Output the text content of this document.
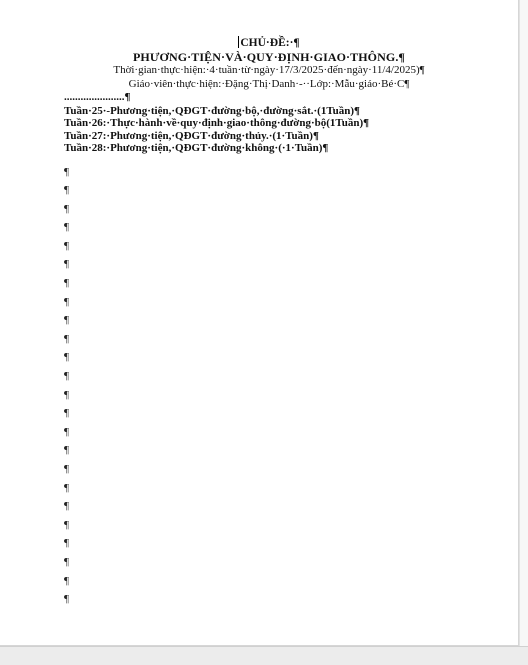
CHỦ·ĐỀ:·¶
PHƯƠNG·TIỆN·VÀ·QUY·ĐỊNH·GIAO·THÔNG.¶
Thời·gian·thực·hiện:·4·tuần·từ·ngày·17/3/2025·đến·ngày·11/4/2025)¶
Giáo·viên·thực·hiện:·Đặng·Thị·Danh·-··Lớp:·Mẫu·giáo·Bé·C¶
......................¶
Tuần·25·-Phương·tiện,·QĐGT·đường·bộ,·đường·sắt.·(1Tuần)¶
Tuần·26:·Thực·hành·về·quy·định·giao·thông·đường·bộ(1Tuần)¶
Tuần·27:·Phương·tiện,·QĐGT·đường·thủy.·(1·Tuần)¶
Tuần·28:·Phương·tiện,·QĐGT·đường·không·(·1·Tuần)¶
¶
¶
¶
¶
¶
¶
¶
¶
¶
¶
¶
¶
¶
¶
¶
¶
¶
¶
¶
¶
¶
¶
¶
¶
